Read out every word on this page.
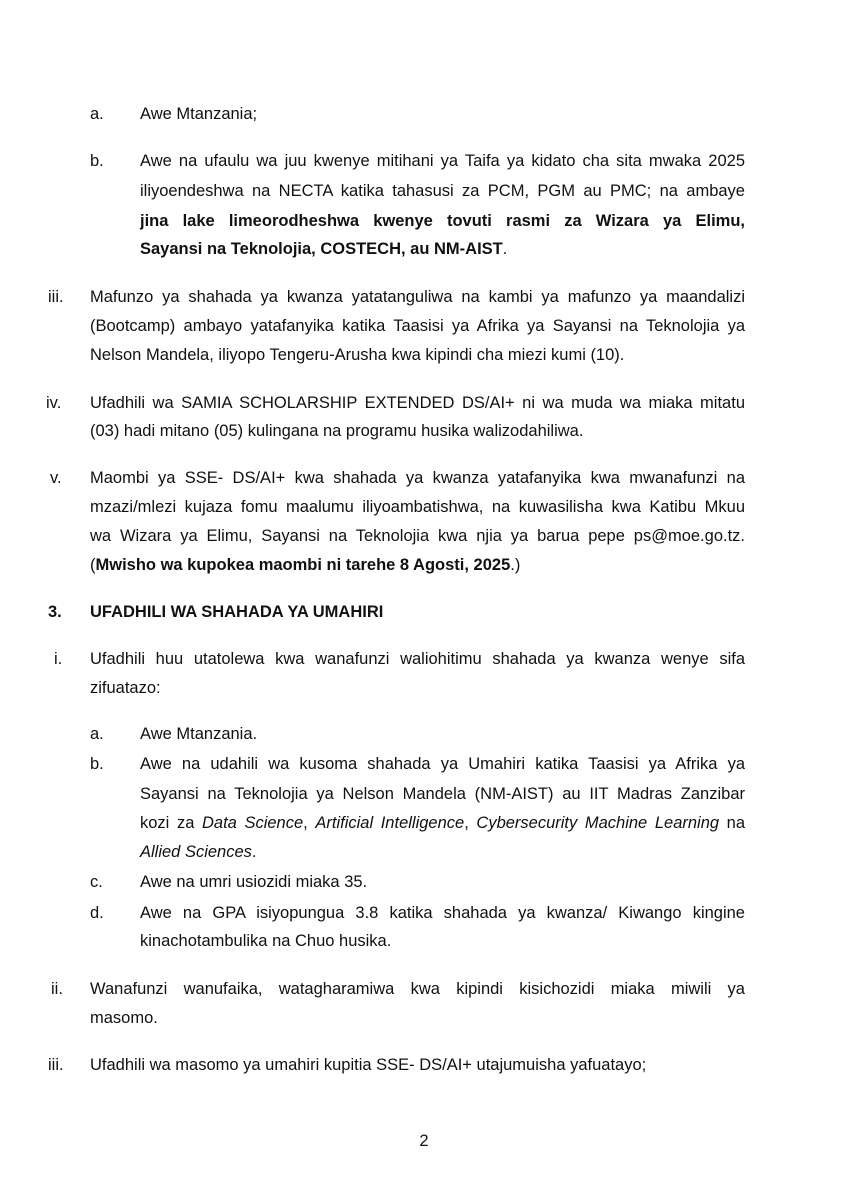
a. Awe Mtanzania;
b. Awe na ufaulu wa juu kwenye mitihani ya Taifa ya kidato cha sita mwaka 2025
iliyoendeshwa na NECTA katika tahasusi za PCM, PGM au PMC; na ambaye
jina lake limeorodheshwa kwenye tovuti rasmi za Wizara ya Elimu,
Sayansi na Teknolojia, COSTECH, au NM-AIST.
iii. Mafunzo ya shahada ya kwanza yatatanguliwa na kambi ya mafunzo ya maandalizi
(Bootcamp) ambayo yatafanyika katika Taasisi ya Afrika ya Sayansi na Teknolojia ya
Nelson Mandela, iliyopo Tengeru-Arusha kwa kipindi cha miezi kumi (10).
iv. Ufadhili wa SAMIA SCHOLARSHIP EXTENDED DS/AI+ ni wa muda wa miaka mitatu
(03) hadi mitano (05) kulingana na programu husika walizodahiliwa.
v. Maombi ya SSE- DS/AI+ kwa shahada ya kwanza yatafanyika kwa mwanafunzi na
mzazi/mlezi kujaza fomu maalumu iliyoambatishwa, na kuwasilisha kwa Katibu Mkuu
wa Wizara ya Elimu, Sayansi na Teknolojia kwa njia ya barua pepe ps@moe.go.tz.
(Mwisho wa kupokea maombi ni tarehe 8 Agosti, 2025.)
3. UFADHILI WA SHAHADA YA UMAHIRI
i. Ufadhili huu utatolewa kwa wanafunzi waliohitimu shahada ya kwanza wenye sifa
zifuatazo:
a. Awe Mtanzania.
b. Awe na udahili wa kusoma shahada ya Umahiri katika Taasisi ya Afrika ya
Sayansi na Teknolojia ya Nelson Mandela (NM-AIST) au IIT Madras Zanzibar
kozi za Data Science, Artificial Intelligence, Cybersecurity Machine Learning na
Allied Sciences.
c. Awe na umri usiozidi miaka 35.
d. Awe na GPA isiyopungua 3.8 katika shahada ya kwanza/ Kiwango kingine
kinachotambulika na Chuo husika.
ii. Wanafunzi wanufaika, watagharamiwa kwa kipindi kisichozidi miaka miwili ya
masomo.
iii. Ufadhili wa masomo ya umahiri kupitia SSE- DS/AI+ utajumuisha yafuatayo;
2
